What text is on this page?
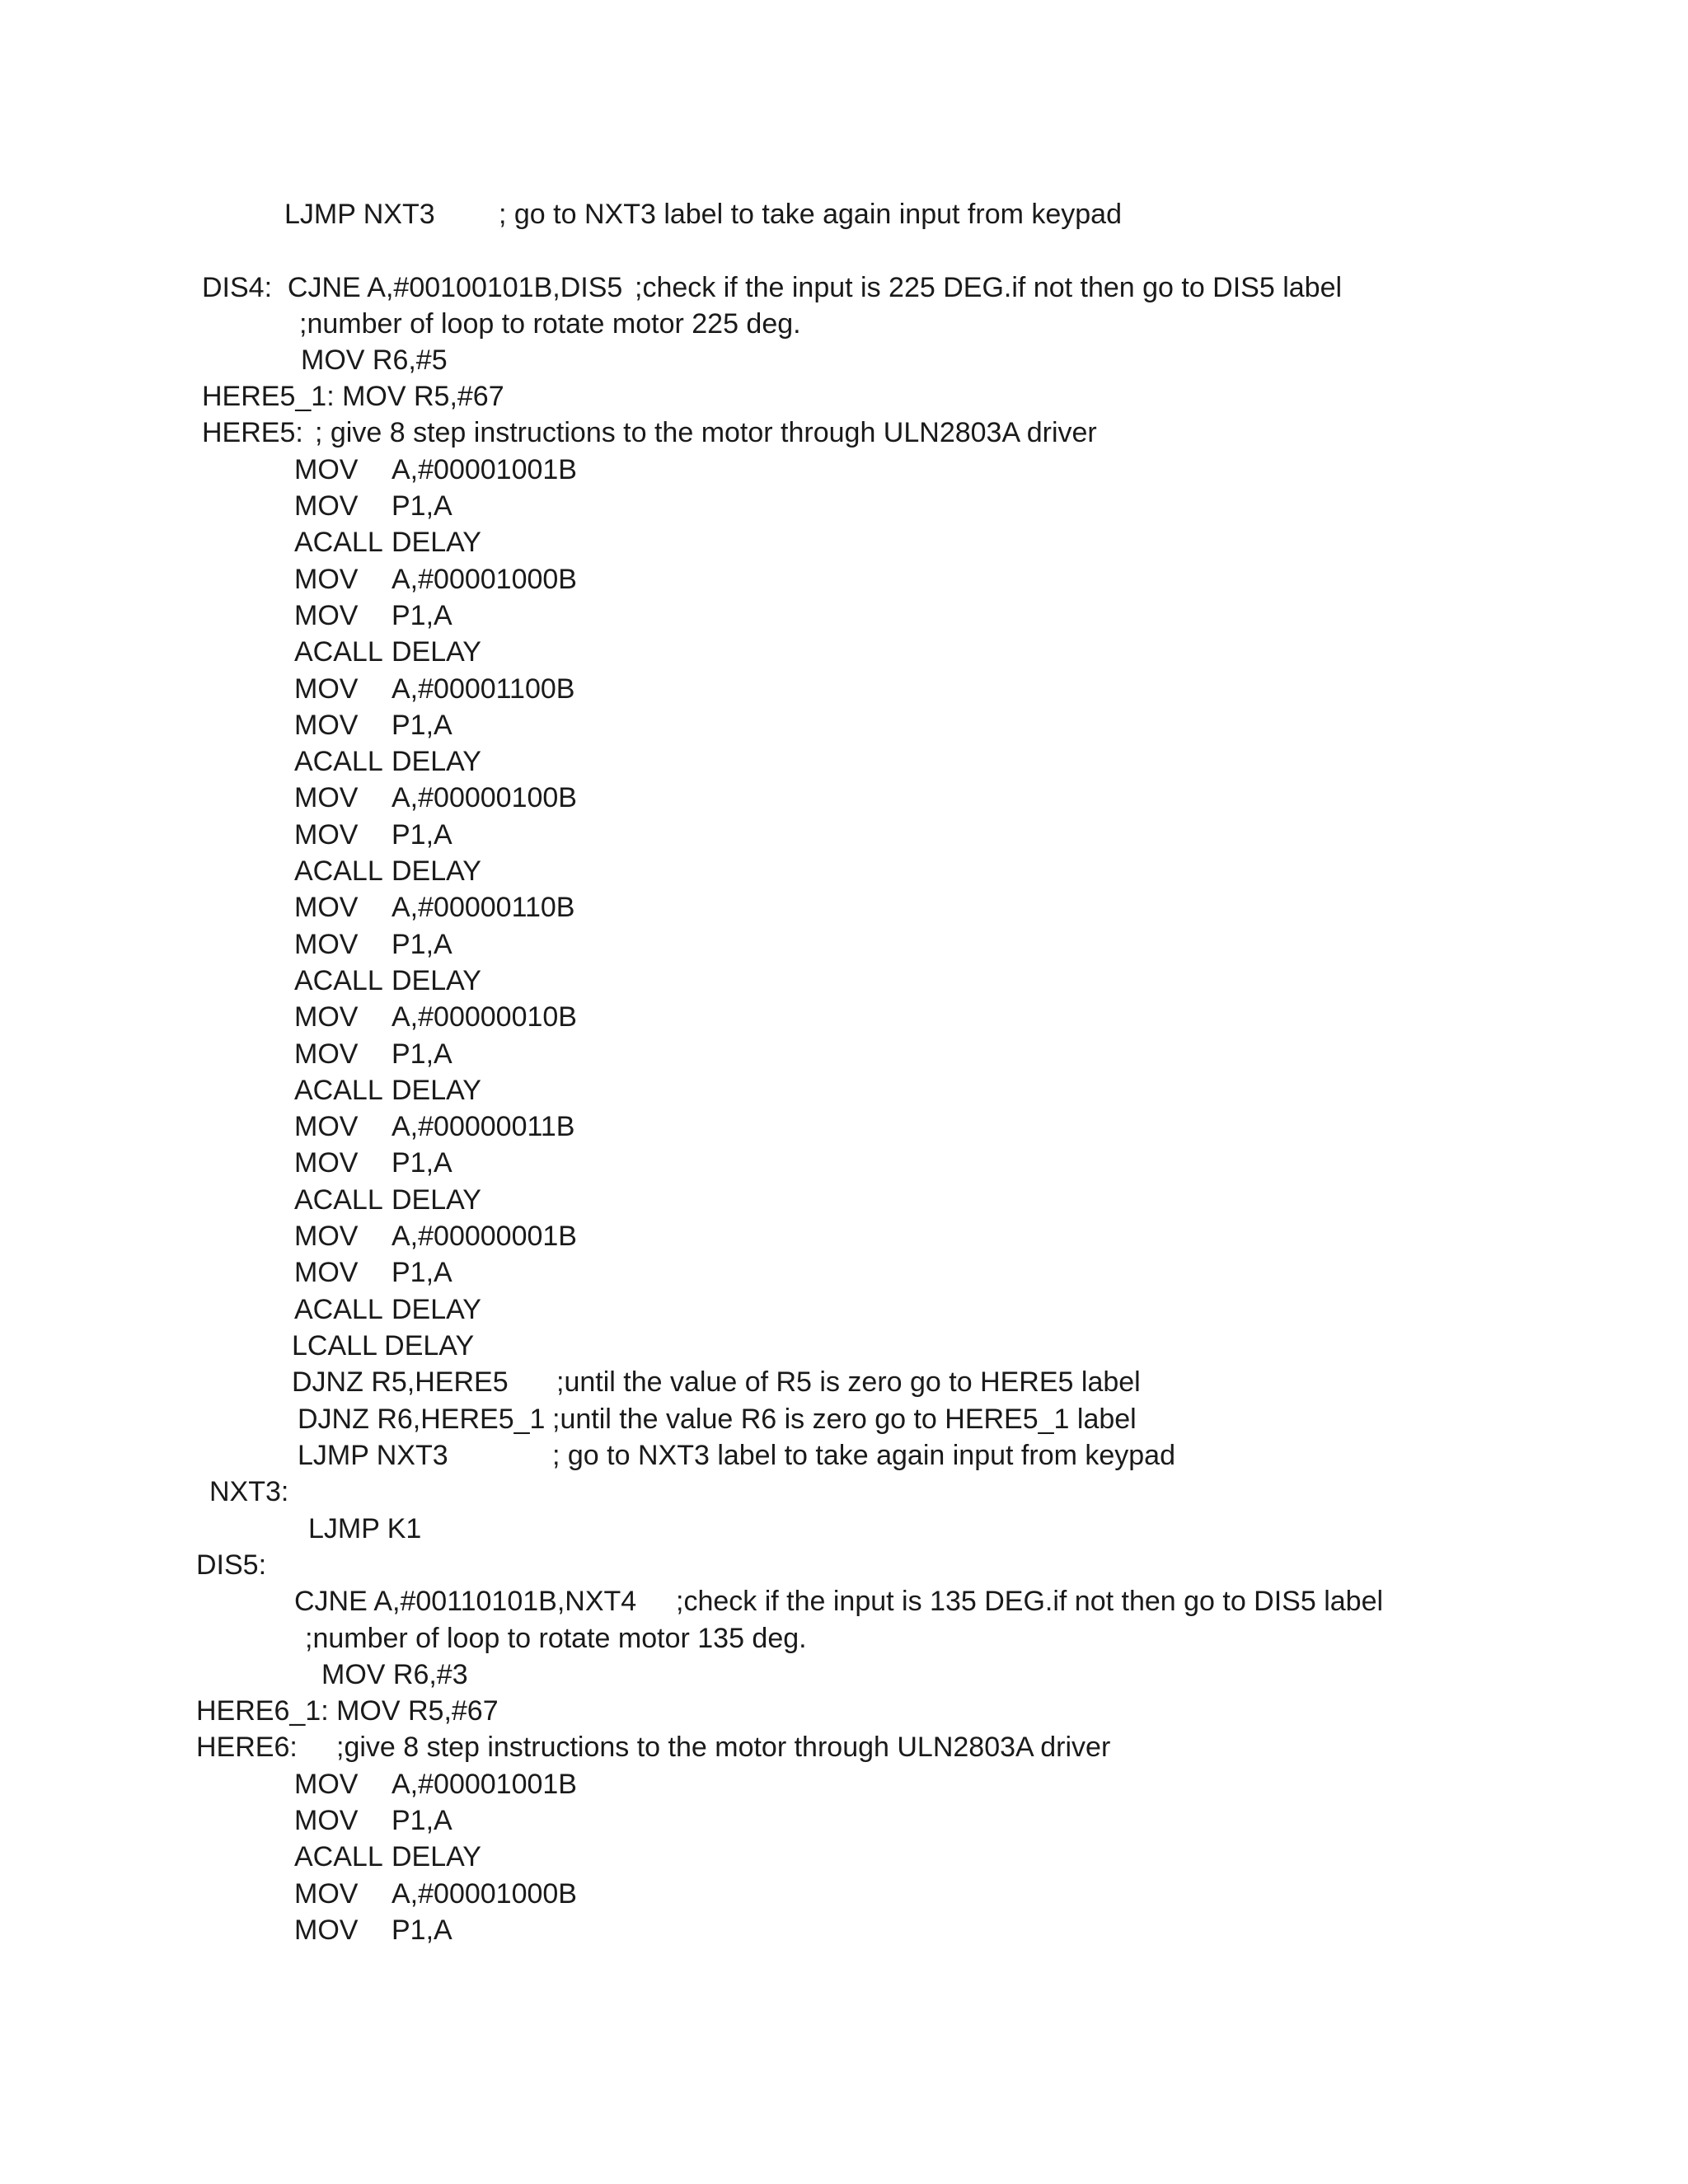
LJMP NXT3 ; go to NXT3 label to take again input from keypad
DIS4:  CJNE A,#00100101B,DIS5 ;check if the input is 225 DEG.if not then go to DIS5 label
;number of loop to rotate motor 225 deg.
MOV R6,#5
HERE5_1: MOV R5,#67
HERE5: ; give 8 step instructions to the motor through ULN2803A driver
MOV A,#00001001B
MOV P1,A
ACALL DELAY
MOV A,#00001000B
MOV P1,A
ACALL DELAY
MOV A,#00001100B
MOV P1,A
ACALL DELAY
MOV A,#00000100B
MOV P1,A
ACALL DELAY
MOV A,#00000110B
MOV P1,A
ACALL DELAY
MOV A,#00000010B
MOV P1,A
ACALL DELAY
MOV A,#00000011B
MOV P1,A
ACALL DELAY
MOV A,#00000001B
MOV P1,A
ACALL DELAY
LCALL DELAY
DJNZ R5,HERE5 ;until the value of R5 is zero go to HERE5 label
DJNZ R6,HERE5_1 ;until the value R6 is zero go to HERE5_1 label
LJMP NXT3	; go to NXT3 label to take again input from keypad
NXT3:
LJMP K1
DIS5:
CJNE A,#00110101B,NXT4 ;check if the input is 135 DEG.if not then go to DIS5 label
;number of loop to rotate motor 135 deg.
MOV R6,#3
HERE6_1: MOV R5,#67
HERE6: ;give 8 step instructions to the motor through ULN2803A driver
MOV A,#00001001B
MOV P1,A
ACALL DELAY
MOV A,#00001000B
MOV P1,A
